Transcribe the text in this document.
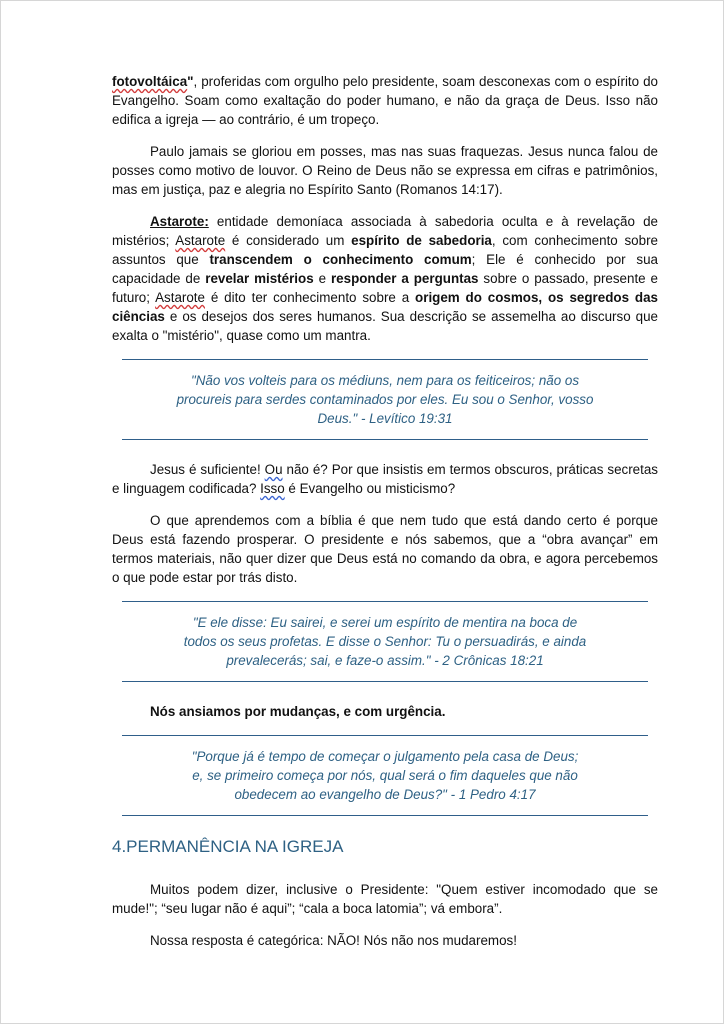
fotovoltáica", proferidas com orgulho pelo presidente, soam desconexas com o espírito do Evangelho. Soam como exaltação do poder humano, e não da graça de Deus. Isso não edifica a igreja — ao contrário, é um tropeço.

Paulo jamais se gloriou em posses, mas nas suas fraquezas. Jesus nunca falou de posses como motivo de louvor. O Reino de Deus não se expressa em cifras e patrimônios, mas em justiça, paz e alegria no Espírito Santo (Romanos 14:17).

Astarote: entidade demoníaca associada à sabedoria oculta e à revelação de mistérios; Astarote é considerado um espírito de sabedoria, com conhecimento sobre assuntos que transcendem o conhecimento comum; Ele é conhecido por sua capacidade de revelar mistérios e responder a perguntas sobre o passado, presente e futuro; Astarote é dito ter conhecimento sobre a origem do cosmos, os segredos das ciências e os desejos dos seres humanos. Sua descrição se assemelha ao discurso que exalta o "mistério", quase como um mantra.

"Não vos volteis para os médiuns, nem para os feiticeiros; não os
procureis para serdes contaminados por eles. Eu sou o Senhor, vosso
Deus." - Levítico 19:31

Jesus é suficiente! Ou não é? Por que insistis em termos obscuros, práticas secretas e linguagem codificada? Isso é Evangelho ou misticismo?

O que aprendemos com a bíblia é que nem tudo que está dando certo é porque Deus está fazendo prosperar. O presidente e nós sabemos, que a “obra avançar” em termos materiais, não quer dizer que Deus está no comando da obra, e agora percebemos o que pode estar por trás disto.

"E ele disse: Eu sairei, e serei um espírito de mentira na boca de
todos os seus profetas. E disse o Senhor: Tu o persuadirás, e ainda
prevalecerás; sai, e faze-o assim." - 2 Crônicas 18:21

Nós ansiamos por mudanças, e com urgência.

"Porque já é tempo de começar o julgamento pela casa de Deus;
e, se primeiro começa por nós, qual será o fim daqueles que não
obedecem ao evangelho de Deus?" - 1 Pedro 4:17
4.PERMANÊNCIA NA IGREJA

Muitos podem dizer, inclusive o Presidente: "Quem estiver incomodado que se mude!"; “seu lugar não é aqui”; “cala a boca latomia”; vá embora”.

Nossa resposta é categórica: NÃO! Nós não nos mudaremos!
